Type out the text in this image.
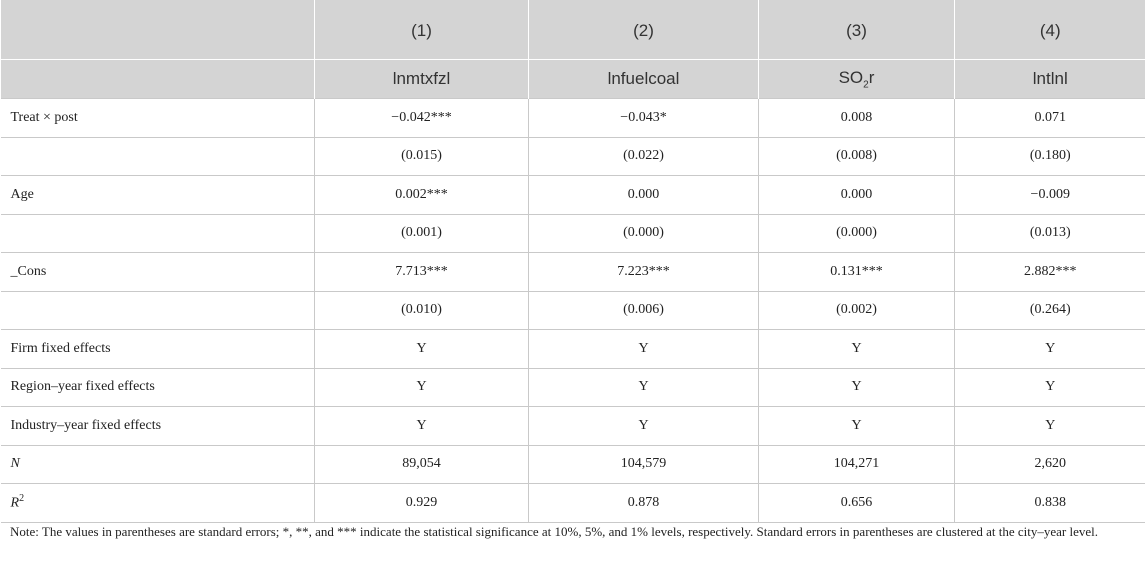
	(1)	(2)	(3)	(4)
	lnmtxfzl	lnfuelcoal	$SO_2r$	lntlnl
Treat × post	−0.042***	−0.043*	0.008	0.071
	(0.015)	(0.022)	(0.008)	(0.180)
Age	0.002***	0.000	0.000	−0.009
	(0.001)	(0.000)	(0.000)	(0.013)
_Cons	7.713***	7.223***	0.131***	2.882***
	(0.010)	(0.006)	(0.002)	(0.264)
Firm fixed effects	Y	Y	Y	Y
Region–year fixed effects	Y	Y	Y	Y
Industry–year fixed effects	Y	Y	Y	Y
N	89,054	104,579	104,271	2,620
$R^2$	0.929	0.878	0.656	0.838
Note: The values in parentheses are standard errors; *, **, and *** indicate the statistical significance at 10%, 5%, and 1% levels, respectively. Standard errors in parentheses are clustered at the city–year level.
